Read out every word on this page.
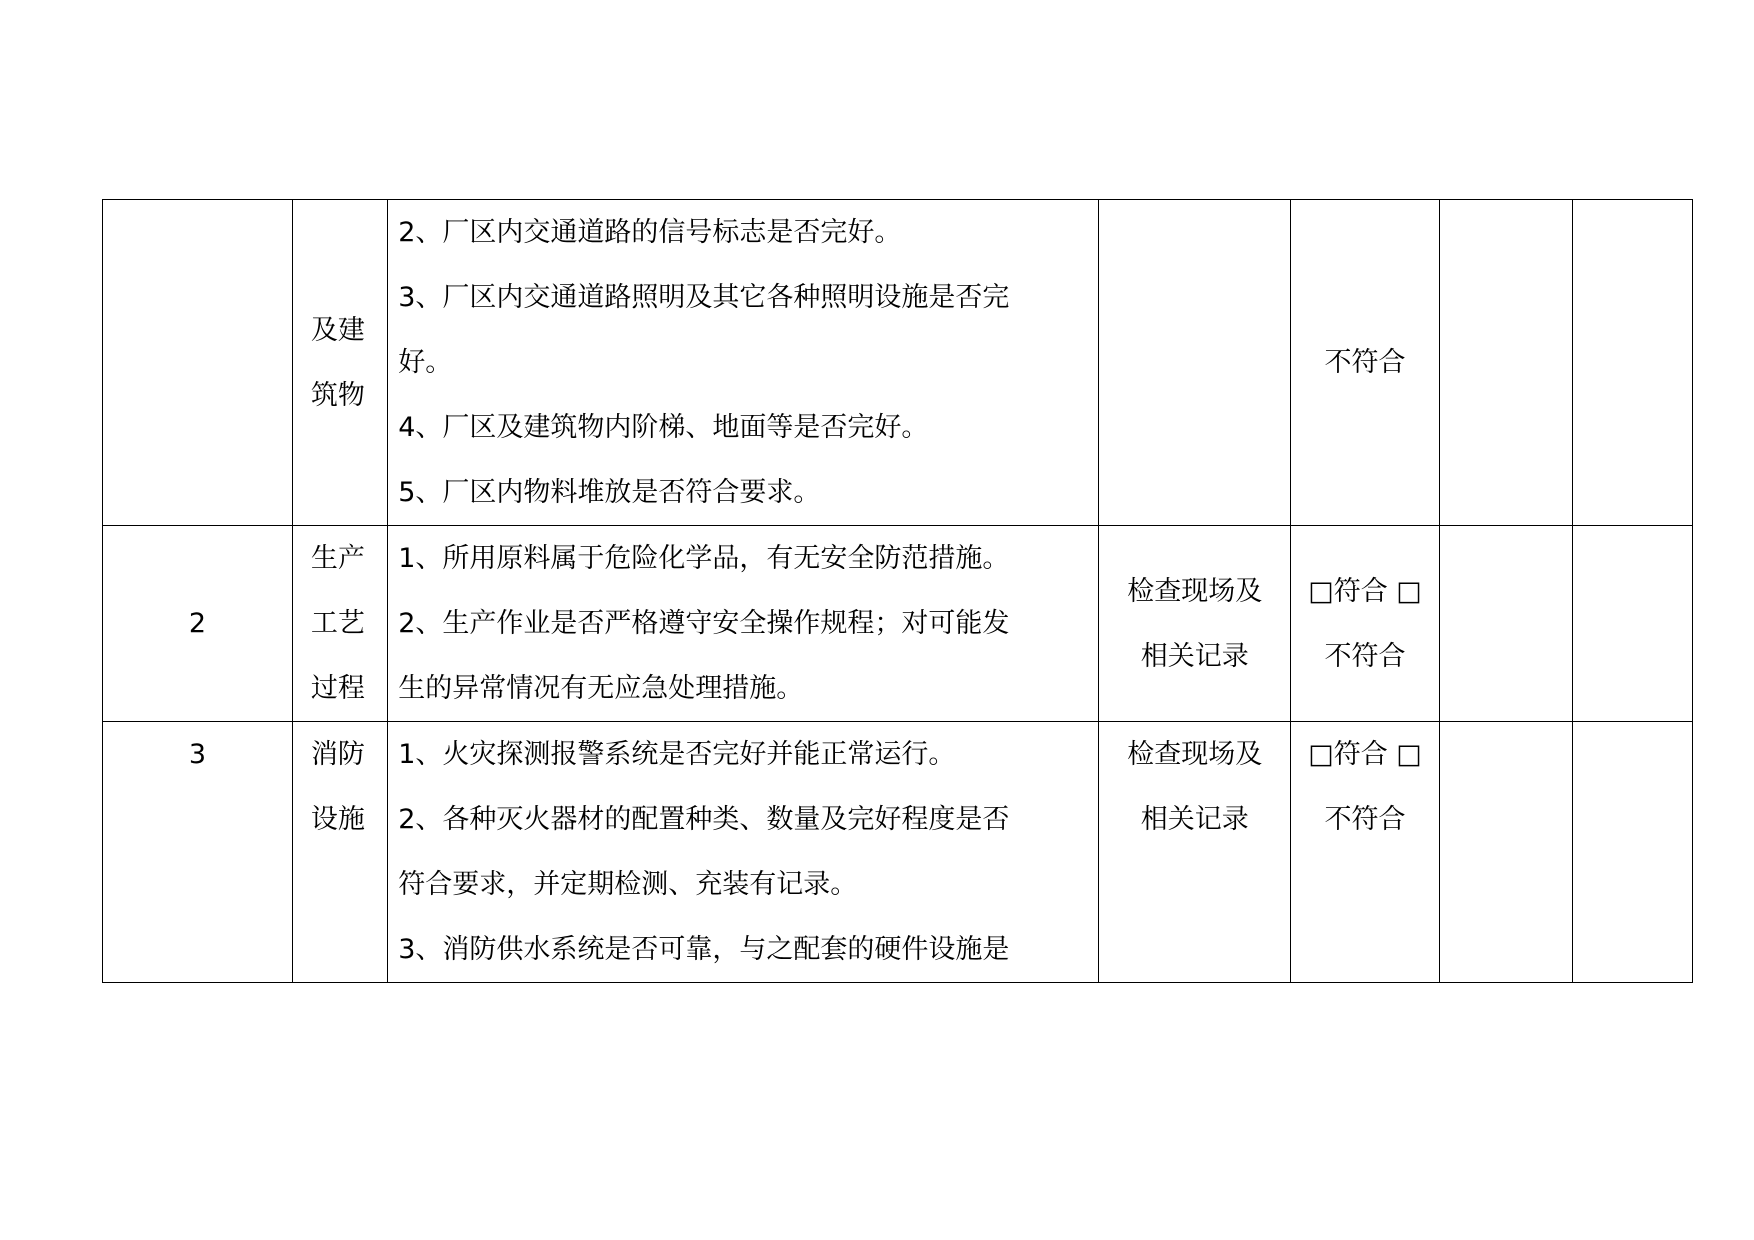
	及建
筑物	2、厂区内交通道路的信号标志是否完好。
3、厂区内交通道路照明及其它各种照明设施是否完
好。
4、厂区及建筑物内阶梯、地面等是否完好。
5、厂区内物料堆放是否符合要求。		不符合		

2	生产
工艺
过程	1、所用原料属于危险化学品，有无安全防范措施。
2、生产作业是否严格遵守安全操作规程；对可能发
生的异常情况有无应急处理措施。	检查现场及
相关记录	□符合 □
不符合		

3	消防
设施	1、火灾探测报警系统是否完好并能正常运行。
2、各种灭火器材的配置种类、数量及完好程度是否
符合要求，并定期检测、充装有记录。
3、消防供水系统是否可靠，与之配套的硬件设施是	检查现场及
相关记录	□符合 □
不符合		
